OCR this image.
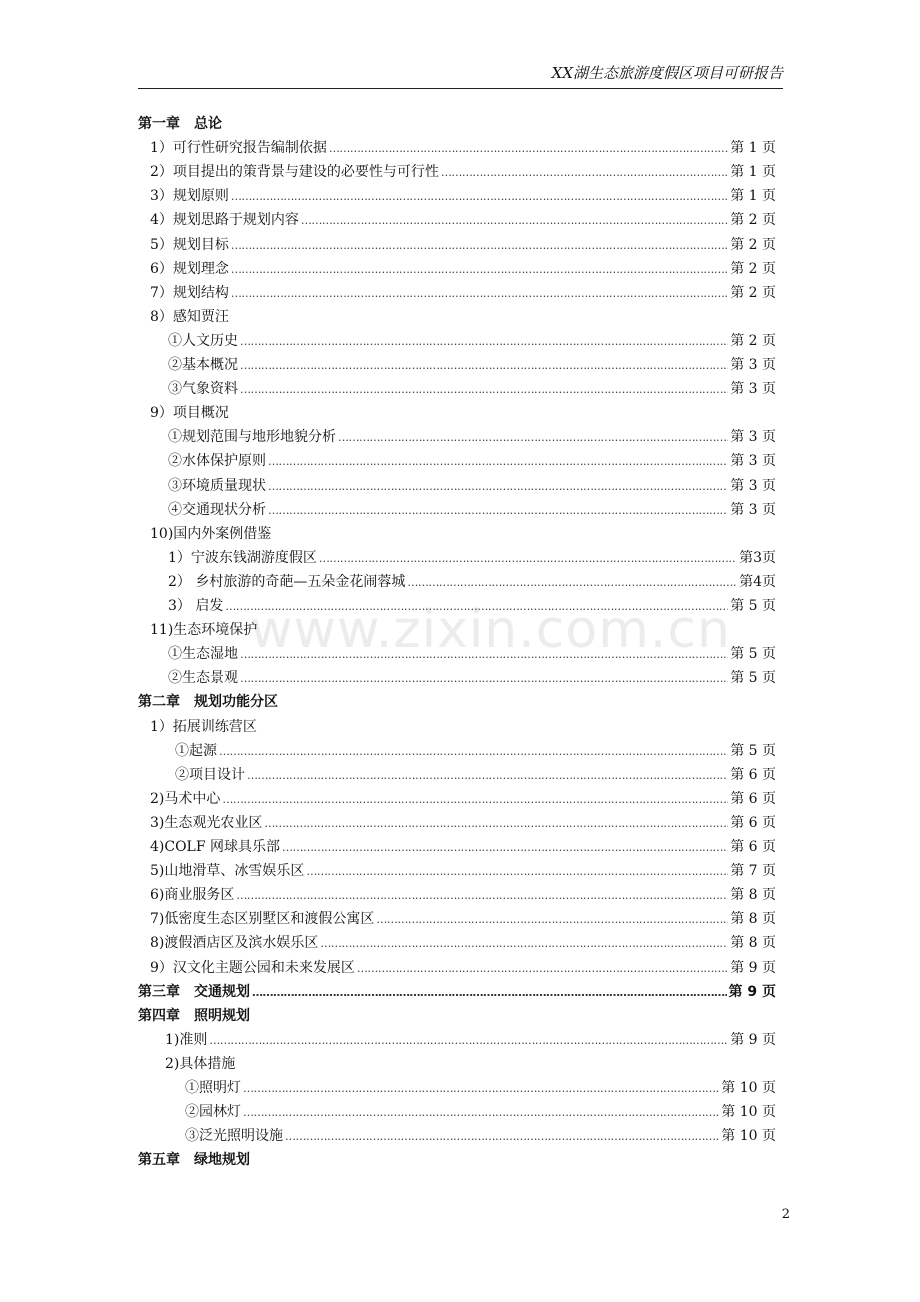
XX湖生态旅游度假区项目可研报告
www.zixin.com.cn
第一章　总论
1）可行性研究报告编制依据 …………………………………………………………………………………………………………………………………………………………………………………	第 1 页
2）项目提出的策背景与建设的必要性与可行性 …………………………………………………………………………………………………………………………………………………………………………………	第 1 页
3）规划原则 …………………………………………………………………………………………………………………………………………………………………………………	第 1 页
4）规划思路于规划内容 …………………………………………………………………………………………………………………………………………………………………………………	第 2 页
5）规划目标 …………………………………………………………………………………………………………………………………………………………………………………	第 2 页
6）规划理念 …………………………………………………………………………………………………………………………………………………………………………………	第 2 页
7）规划结构 …………………………………………………………………………………………………………………………………………………………………………………	第 2 页
8）感知贾汪
①人文历史 …………………………………………………………………………………………………………………………………………………………………………………	第 2 页
②基本概况 …………………………………………………………………………………………………………………………………………………………………………………	第 3 页
③气象资料 …………………………………………………………………………………………………………………………………………………………………………………	第 3 页
9）项目概况
①规划范围与地形地貌分析 …………………………………………………………………………………………………………………………………………………………………………………	第 3 页
②水体保护原则 …………………………………………………………………………………………………………………………………………………………………………………	第 3 页
③环境质量现状 …………………………………………………………………………………………………………………………………………………………………………………	第 3 页
④交通现状分析 …………………………………………………………………………………………………………………………………………………………………………………	第 3 页
10)国内外案例借鉴
1）宁波东钱湖游度假区 …………………………………………………………………………………………………………………………………………………………………………………	第3页
2） 乡村旅游的奇葩—五朵金花闹蓉城 …………………………………………………………………………………………………………………………………………………………………………………	第4页
3） 启发 …………………………………………………………………………………………………………………………………………………………………………………	第 5 页
11)生态环境保护
①生态湿地 …………………………………………………………………………………………………………………………………………………………………………………	第 5 页
②生态景观 …………………………………………………………………………………………………………………………………………………………………………………	第 5 页
第二章　规划功能分区
1）拓展训练营区
①起源 …………………………………………………………………………………………………………………………………………………………………………………	第 5 页
②项目设计 …………………………………………………………………………………………………………………………………………………………………………………	第 6 页
2)马术中心 …………………………………………………………………………………………………………………………………………………………………………………	第 6 页
3)生态观光农业区 …………………………………………………………………………………………………………………………………………………………………………………	第 6 页
4)COLF 网球具乐部 …………………………………………………………………………………………………………………………………………………………………………………	第 6 页
5)山地滑草、冰雪娱乐区 …………………………………………………………………………………………………………………………………………………………………………………	第 7 页
6)商业服务区 …………………………………………………………………………………………………………………………………………………………………………………	第 8 页
7)低密度生态区别墅区和渡假公寓区 …………………………………………………………………………………………………………………………………………………………………………………	第 8 页
8)渡假酒店区及滨水娱乐区 …………………………………………………………………………………………………………………………………………………………………………………	第 8 页
9）汉文化主题公园和未来发展区 …………………………………………………………………………………………………………………………………………………………………………………	第 9 页
第三章　交通规划 …………………………………………………………………………………………………………………………………………………………………………………	第 9 页
第四章　照明规划
1)准则 …………………………………………………………………………………………………………………………………………………………………………………	第 9 页
2)具体措施
①照明灯 …………………………………………………………………………………………………………………………………………………………………………………	第 10 页
②园林灯 …………………………………………………………………………………………………………………………………………………………………………………	第 10 页
③泛光照明设施 …………………………………………………………………………………………………………………………………………………………………………………	第 10 页
第五章　绿地规划
2
